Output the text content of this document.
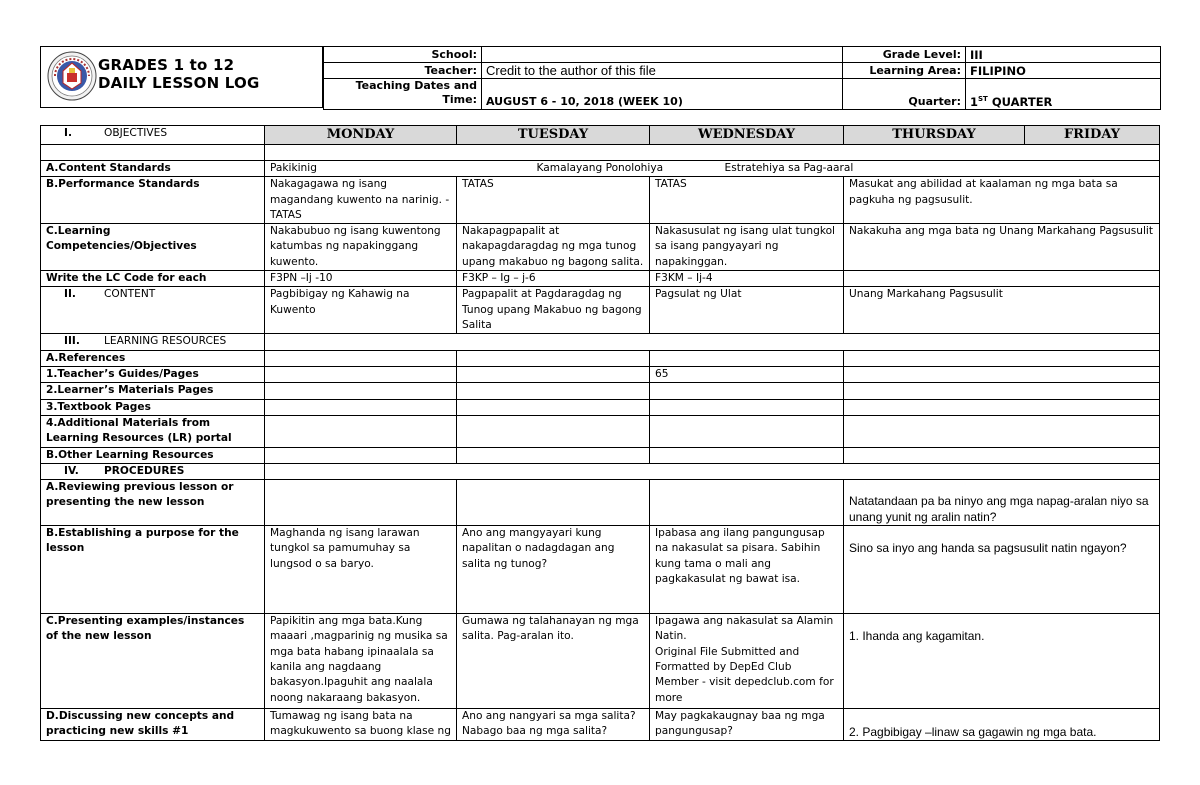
GRADES 1 to 12
DAILY LESSON LOG
School:		Grade Level:	III
Teacher:	Credit to the author of this file	Learning Area:	FILIPINO

Teaching Dates and
Time:	AUGUST 6 - 10, 2018 (WEEK 10)	Quarter:	1ST QUARTER
I. OBJECTIVES	MONDAY	TUESDAY	WEDNESDAY	THURSDAY	FRIDAY

A.Content Standards	Pakikinig Kamalayang Ponolohiya Estratehiya sa Pag-aaral				

B.Performance Standards	Nakagagawa ng isang magandang kuwento na narinig. - TATAS	TATAS	TATAS	Masukat ang abilidad at kaalaman ng mga bata sa pagkuha ng pagsusulit.	
C.Learning Competencies/Objectives	Nakabubuo ng isang kuwentong katumbas ng napakinggang kuwento.	Nakapagpapalit at nakapagdaragdag ng mga tunog upang makabuo ng bagong salita.	Nakasusulat ng isang ulat tungkol sa isang pangyayari ng napakinggan.	Nakakuha ang mga bata ng Unang Markahang Pagsusulit	
Write the LC Code for each	F3PN –Ij -10	F3KP – Ig – j-6	F3KM – Ij-4		
II. CONTENT	Pagbibigay ng Kahawig na Kuwento	Pagpapalit at Pagdaragdag ng Tunog upang Makabuo ng bagong Salita	Pagsulat ng Ulat	Unang Markahang Pagsusulit	
III. LEARNING RESOURCES					
A.References					
1.Teacher’s Guides/Pages			65		
2.Learner’s Materials Pages					
3.Textbook Pages					
4.Additional Materials from Learning Resources (LR) portal					
B.Other Learning Resources					
IV. PROCEDURES					
A.Reviewing previous lesson or presenting the new lesson				Natatandaan pa ba ninyo ang mga napag-aralan niyo sa unang yunit ng aralin natin?	
B.Establishing a purpose for the lesson	Maghanda ng isang larawan tungkol sa pamumuhay sa lungsod o sa baryo.	Ano ang mangyayari kung napalitan o nadagdagan ang salita ng tunog?	Ipabasa ang ilang pangungusap na nakasulat sa pisara. Sabihin kung tama o mali ang pagkakasulat ng bawat isa.	Sino sa inyo ang handa sa pagsusulit natin ngayon?	
C.Presenting examples/instances of the new lesson	Papikitin ang mga bata.Kung maaari ,magparinig ng musika sa mga bata habang ipinaalala sa kanila ang nagdaang bakasyon.Ipaguhit ang naalala noong nakaraang bakasyon.	Gumawa ng talahanayan ng mga salita. Pag-aralan ito.	Ipagawa ang nakasulat sa Alamin Natin.
Original File Submitted and Formatted by DepEd Club Member - visit depedclub.com for more	1. Ihanda ang kagamitan.	
D.Discussing new concepts and practicing new skills #1	Tumawag ng isang bata na magkukuwento sa buong klase ng	Ano ang nangyari sa mga salita? Nabago baa ng mga salita?	May pagkakaugnay baa ng mga pangungusap?	2. Pagbibigay –linaw sa gagawin ng mga bata.	
